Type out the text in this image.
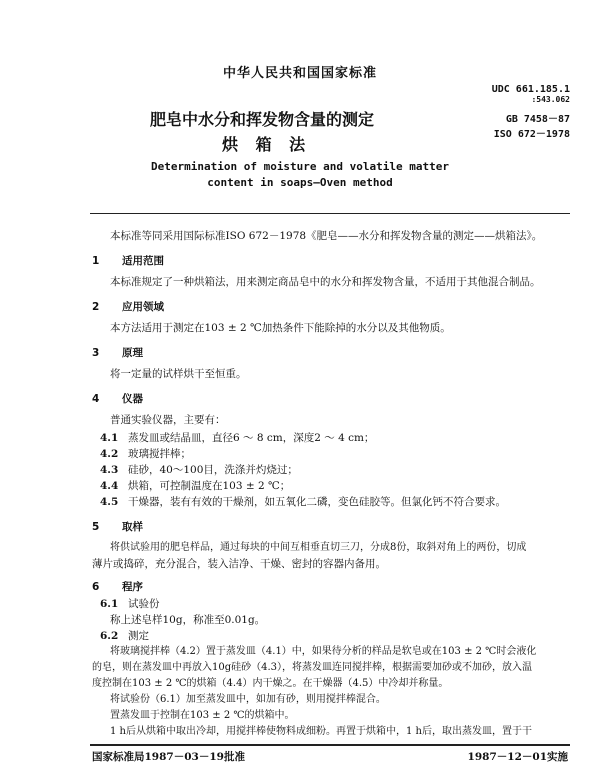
中华人民共和国国家标准
肥皂中水分和挥发物含量的测定
烘 箱 法
UDC 661.185.1
:543.062
GB 7458－87
ISO 672－1978
Determination of moisture and volatile matter
content in soaps—Oven method
本标准等同采用国际标准ISO 672－1978《肥皂——水分和挥发物含量的测定——烘箱法》。
1 适用范围
本标准规定了一种烘箱法，用来测定商品皂中的水分和挥发物含量，不适用于其他混合制品。
2 应用领域
本方法适用于测定在103 ± 2 ℃加热条件下能除掉的水分以及其他物质。
3 原理
将一定量的试样烘干至恒重。
4 仪器
普通实验仪器，主要有：
4.1 蒸发皿或结晶皿，直径6 ～ 8 cm，深度2 ～ 4 cm；
4.2 玻璃搅拌棒；
4.3 硅砂，40～100目，洗涤并灼烧过；
4.4 烘箱，可控制温度在103 ± 2 ℃；
4.5 干燥器，装有有效的干燥剂，如五氧化二磷，变色硅胶等。但氯化钙不符合要求。
5 取样
将供试验用的肥皂样品，通过每块的中间互相垂直切三刀，分成8份，取斜对角上的两份，切成
薄片或捣碎，充分混合，装入洁净、干燥、密封的容器内备用。
6 程序
6.1 试验份
称上述皂样10g，称准至0.01g。
6.2 测定
将玻璃搅拌棒（4.2）置于蒸发皿（4.1）中，如果待分析的样品是软皂或在103 ± 2 ℃时会液化
的皂，则在蒸发皿中再放入10g硅砂（4.3），将蒸发皿连同搅拌棒，根据需要加砂或不加砂，放入温
度控制在103 ± 2 ℃的烘箱（4.4）内干燥之。在干燥器（4.5）中冷却并称量。
将试验份（6.1）加至蒸发皿中，如加有砂，则用搅拌棒混合。
置蒸发皿于控制在103 ± 2 ℃的烘箱中。
1 h后从烘箱中取出冷却，用搅拌棒使物料成细粉。再置于烘箱中，1 h后，取出蒸发皿，置于干
国家标准局1987－03－19批准	1987－12－01实施
